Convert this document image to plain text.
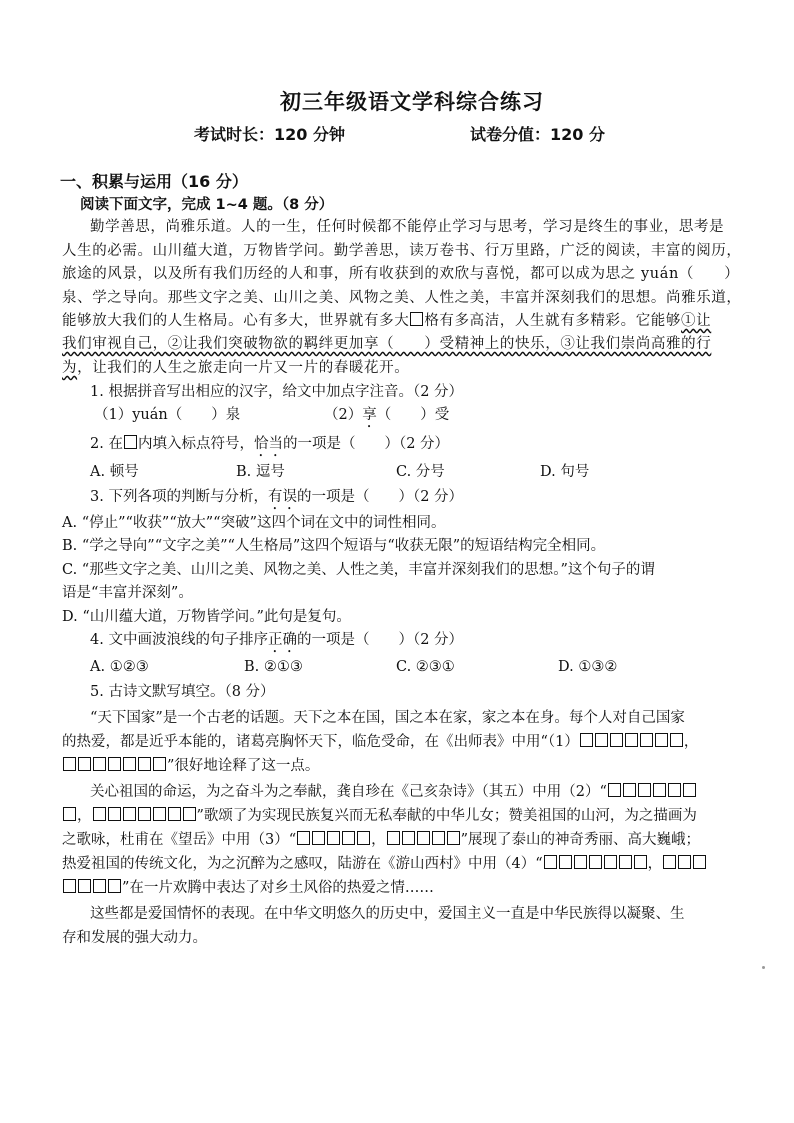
初三年级语文学科综合练习
考试时长：120 分钟	试卷分值：120 分
一、积累与运用（16 分）
阅读下面文字，完成 1~4 题。（8 分）
勤学善思，尚雅乐道。人的一生，任何时候都不能停止学习与思考，学习是终生的事业，思考是
人生的必需。山川蕴大道，万物皆学问。勤学善思，读万卷书、行万里路，广泛的阅读，丰富的阅历，
旅途的风景，以及所有我们历经的人和事，所有收获到的欢欣与喜悦，都可以成为思之 yuán（　　）
泉、学之导向。那些文字之美、山川之美、风物之美、人性之美，丰富并深刻我们的思想。尚雅乐道，
能够放大我们的人生格局。心有多大，世界就有多大 格有多高洁，人生就有多精彩。它能够①让
我们审视自己，②让我们突破物欲的羁绊更加享（　　）受精神上的快乐，③让我们崇尚高雅的行
为，让我们的人生之旅走向一片又一片的春暖花开。
1. 根据拼音写出相应的汉字，给文中加点字注音。（2 分）
（1）yuán（　　）泉	（2）享（　　）受
2. 在 内填入标点符号，恰当的一项是（　　）（2 分）
A. 顿号	B. 逗号	C. 分号	D. 句号
3. 下列各项的判断与分析，有误的一项是（　　）（2 分）
A. “停止”“收获”“放大”“突破”这四个词在文中的词性相同。
B. “学之导向”“文字之美”“人生格局”这四个短语与“收获无限”的短语结构完全相同。
C. “那些文字之美、山川之美、风物之美、人性之美，丰富并深刻我们的思想。”这个句子的谓
语是“丰富并深刻”。
D. “山川蕴大道，万物皆学问。”此句是复句。
4. 文中画波浪线的句子排序正确的一项是（　　）（2 分）
A. ①②③	B. ②①③	C. ②③①	D. ①③②
5. 古诗文默写填空。（8 分）
“天下国家”是一个古老的话题。天下之本在国，国之本在家，家之本在身。每个人对自己国家
的热爱，都是近乎本能的，诸葛亮胸怀天下，临危受命，在《出师表》中用“（1）	，
”很好地诠释了这一点。
关心祖国的命运，为之奋斗为之奉献，龚自珍在《己亥杂诗》（其五）中用（2）“
，	”歌颂了为实现民族复兴而无私奉献的中华儿女；赞美祖国的山河，为之描画为
之歌咏，杜甫在《望岳》中用（3）“	，	”展现了泰山的神奇秀丽、高大巍峨；
热爱祖国的传统文化，为之沉醉为之感叹，陆游在《游山西村》中用（4）“	，
”在一片欢腾中表达了对乡土风俗的热爱之情……
这些都是爱国情怀的表现。在中华文明悠久的历史中，爱国主义一直是中华民族得以凝聚、生
存和发展的强大动力。
